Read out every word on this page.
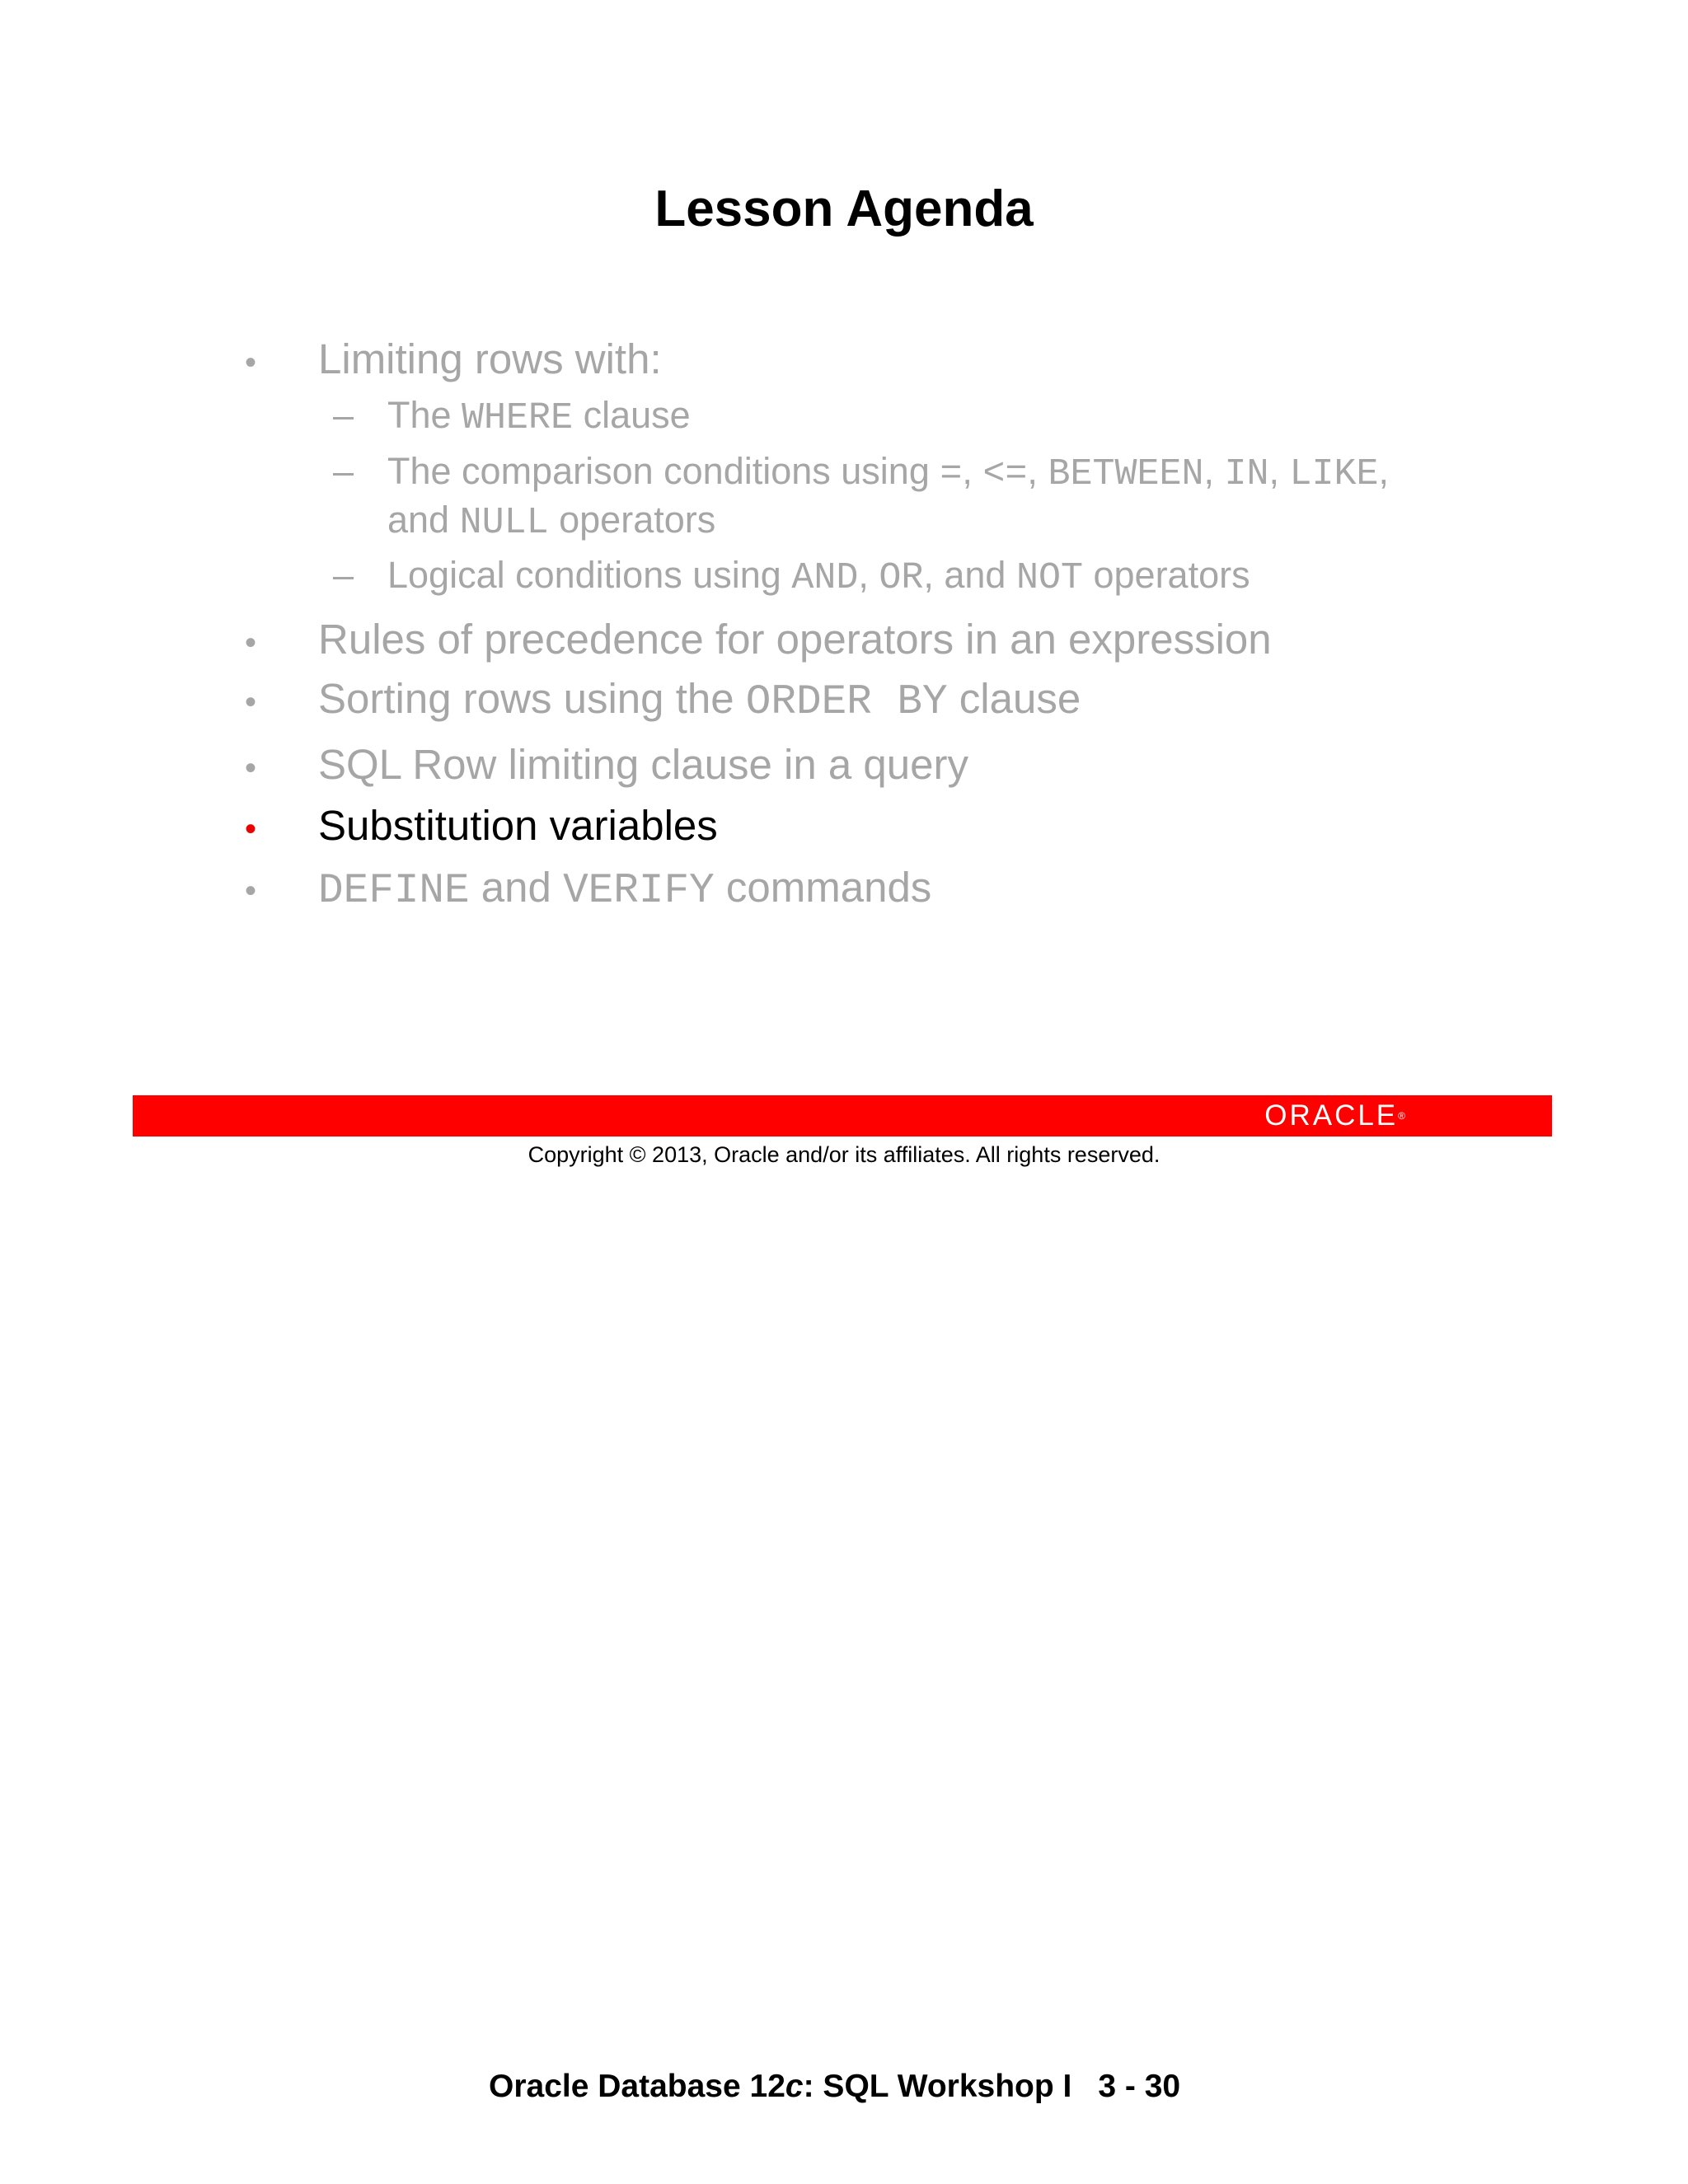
Lesson Agenda
• Limiting rows with:
– The WHERE clause
– The comparison conditions using =, <=, BETWEEN, IN, LIKE,
and NULL operators
– Logical conditions using AND, OR, and NOT operators
• Rules of precedence for operators in an expression
• Sorting rows using the ORDER BY clause
• SQL Row limiting clause in a query
• Substitution variables
• DEFINE and VERIFY commands
ORACLE®
Copyright © 2013, Oracle and/or its affiliates. All rights reserved.
Oracle Database 12c: SQL Workshop I 3 - 30
